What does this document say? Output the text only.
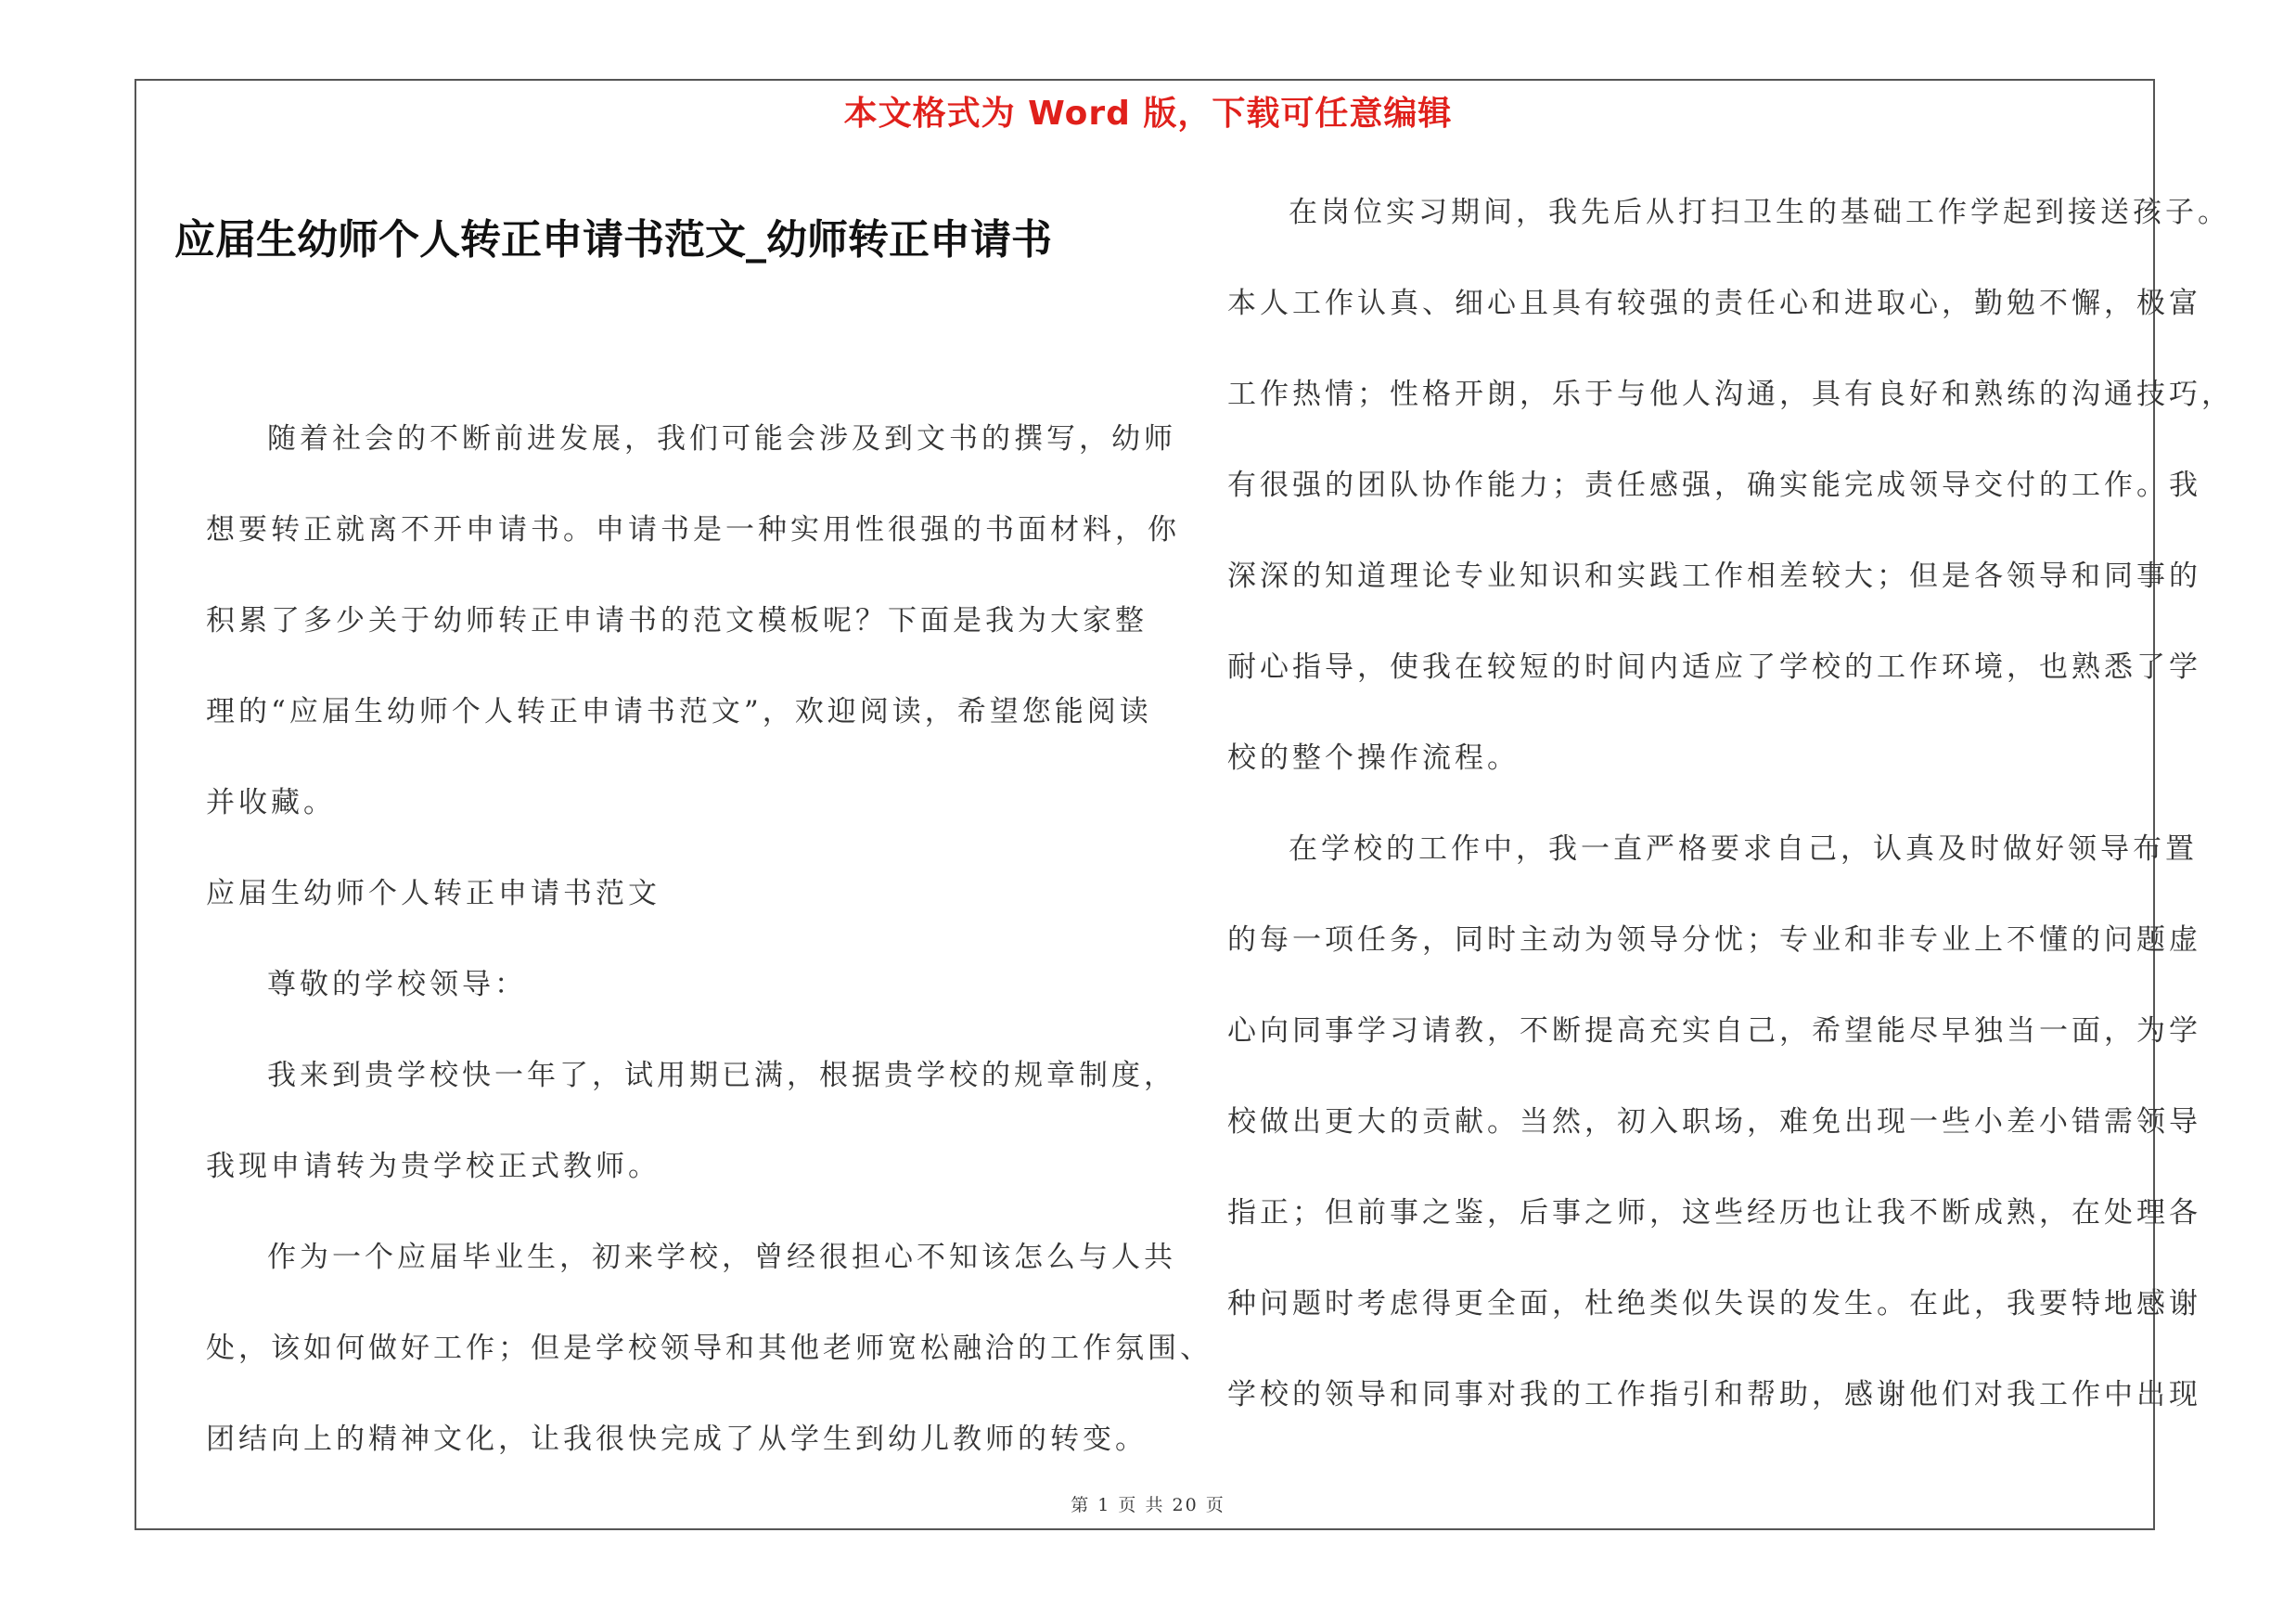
本文格式为 Word 版，下载可任意编辑
应届生幼师个人转正申请书范文_幼师转正申请书
随着社会的不断前进发展，我们可能会涉及到文书的撰写，幼师
想要转正就离不开申请书。申请书是一种实用性很强的书面材料，你
积累了多少关于幼师转正申请书的范文模板呢？下面是我为大家整
理的“应届生幼师个人转正申请书范文”，欢迎阅读，希望您能阅读
并收藏。
应届生幼师个人转正申请书范文
尊敬的学校领导：
我来到贵学校快一年了，试用期已满，根据贵学校的规章制度，
我现申请转为贵学校正式教师。
作为一个应届毕业生，初来学校，曾经很担心不知该怎么与人共
处，该如何做好工作；但是学校领导和其他老师宽松融洽的工作氛围、
团结向上的精神文化，让我很快完成了从学生到幼儿教师的转变。
在岗位实习期间，我先后从打扫卫生的基础工作学起到接送孩子。
本人工作认真、细心且具有较强的责任心和进取心，勤勉不懈，极富
工作热情；性格开朗，乐于与他人沟通，具有良好和熟练的沟通技巧，
有很强的团队协作能力；责任感强，确实能完成领导交付的工作。我
深深的知道理论专业知识和实践工作相差较大；但是各领导和同事的
耐心指导，使我在较短的时间内适应了学校的工作环境，也熟悉了学
校的整个操作流程。
在学校的工作中，我一直严格要求自己，认真及时做好领导布置
的每一项任务，同时主动为领导分忧；专业和非专业上不懂的问题虚
心向同事学习请教，不断提高充实自己，希望能尽早独当一面，为学
校做出更大的贡献。当然，初入职场，难免出现一些小差小错需领导
指正；但前事之鉴，后事之师，这些经历也让我不断成熟，在处理各
种问题时考虑得更全面，杜绝类似失误的发生。在此，我要特地感谢
学校的领导和同事对我的工作指引和帮助，感谢他们对我工作中出现
第 1 页 共 20 页
